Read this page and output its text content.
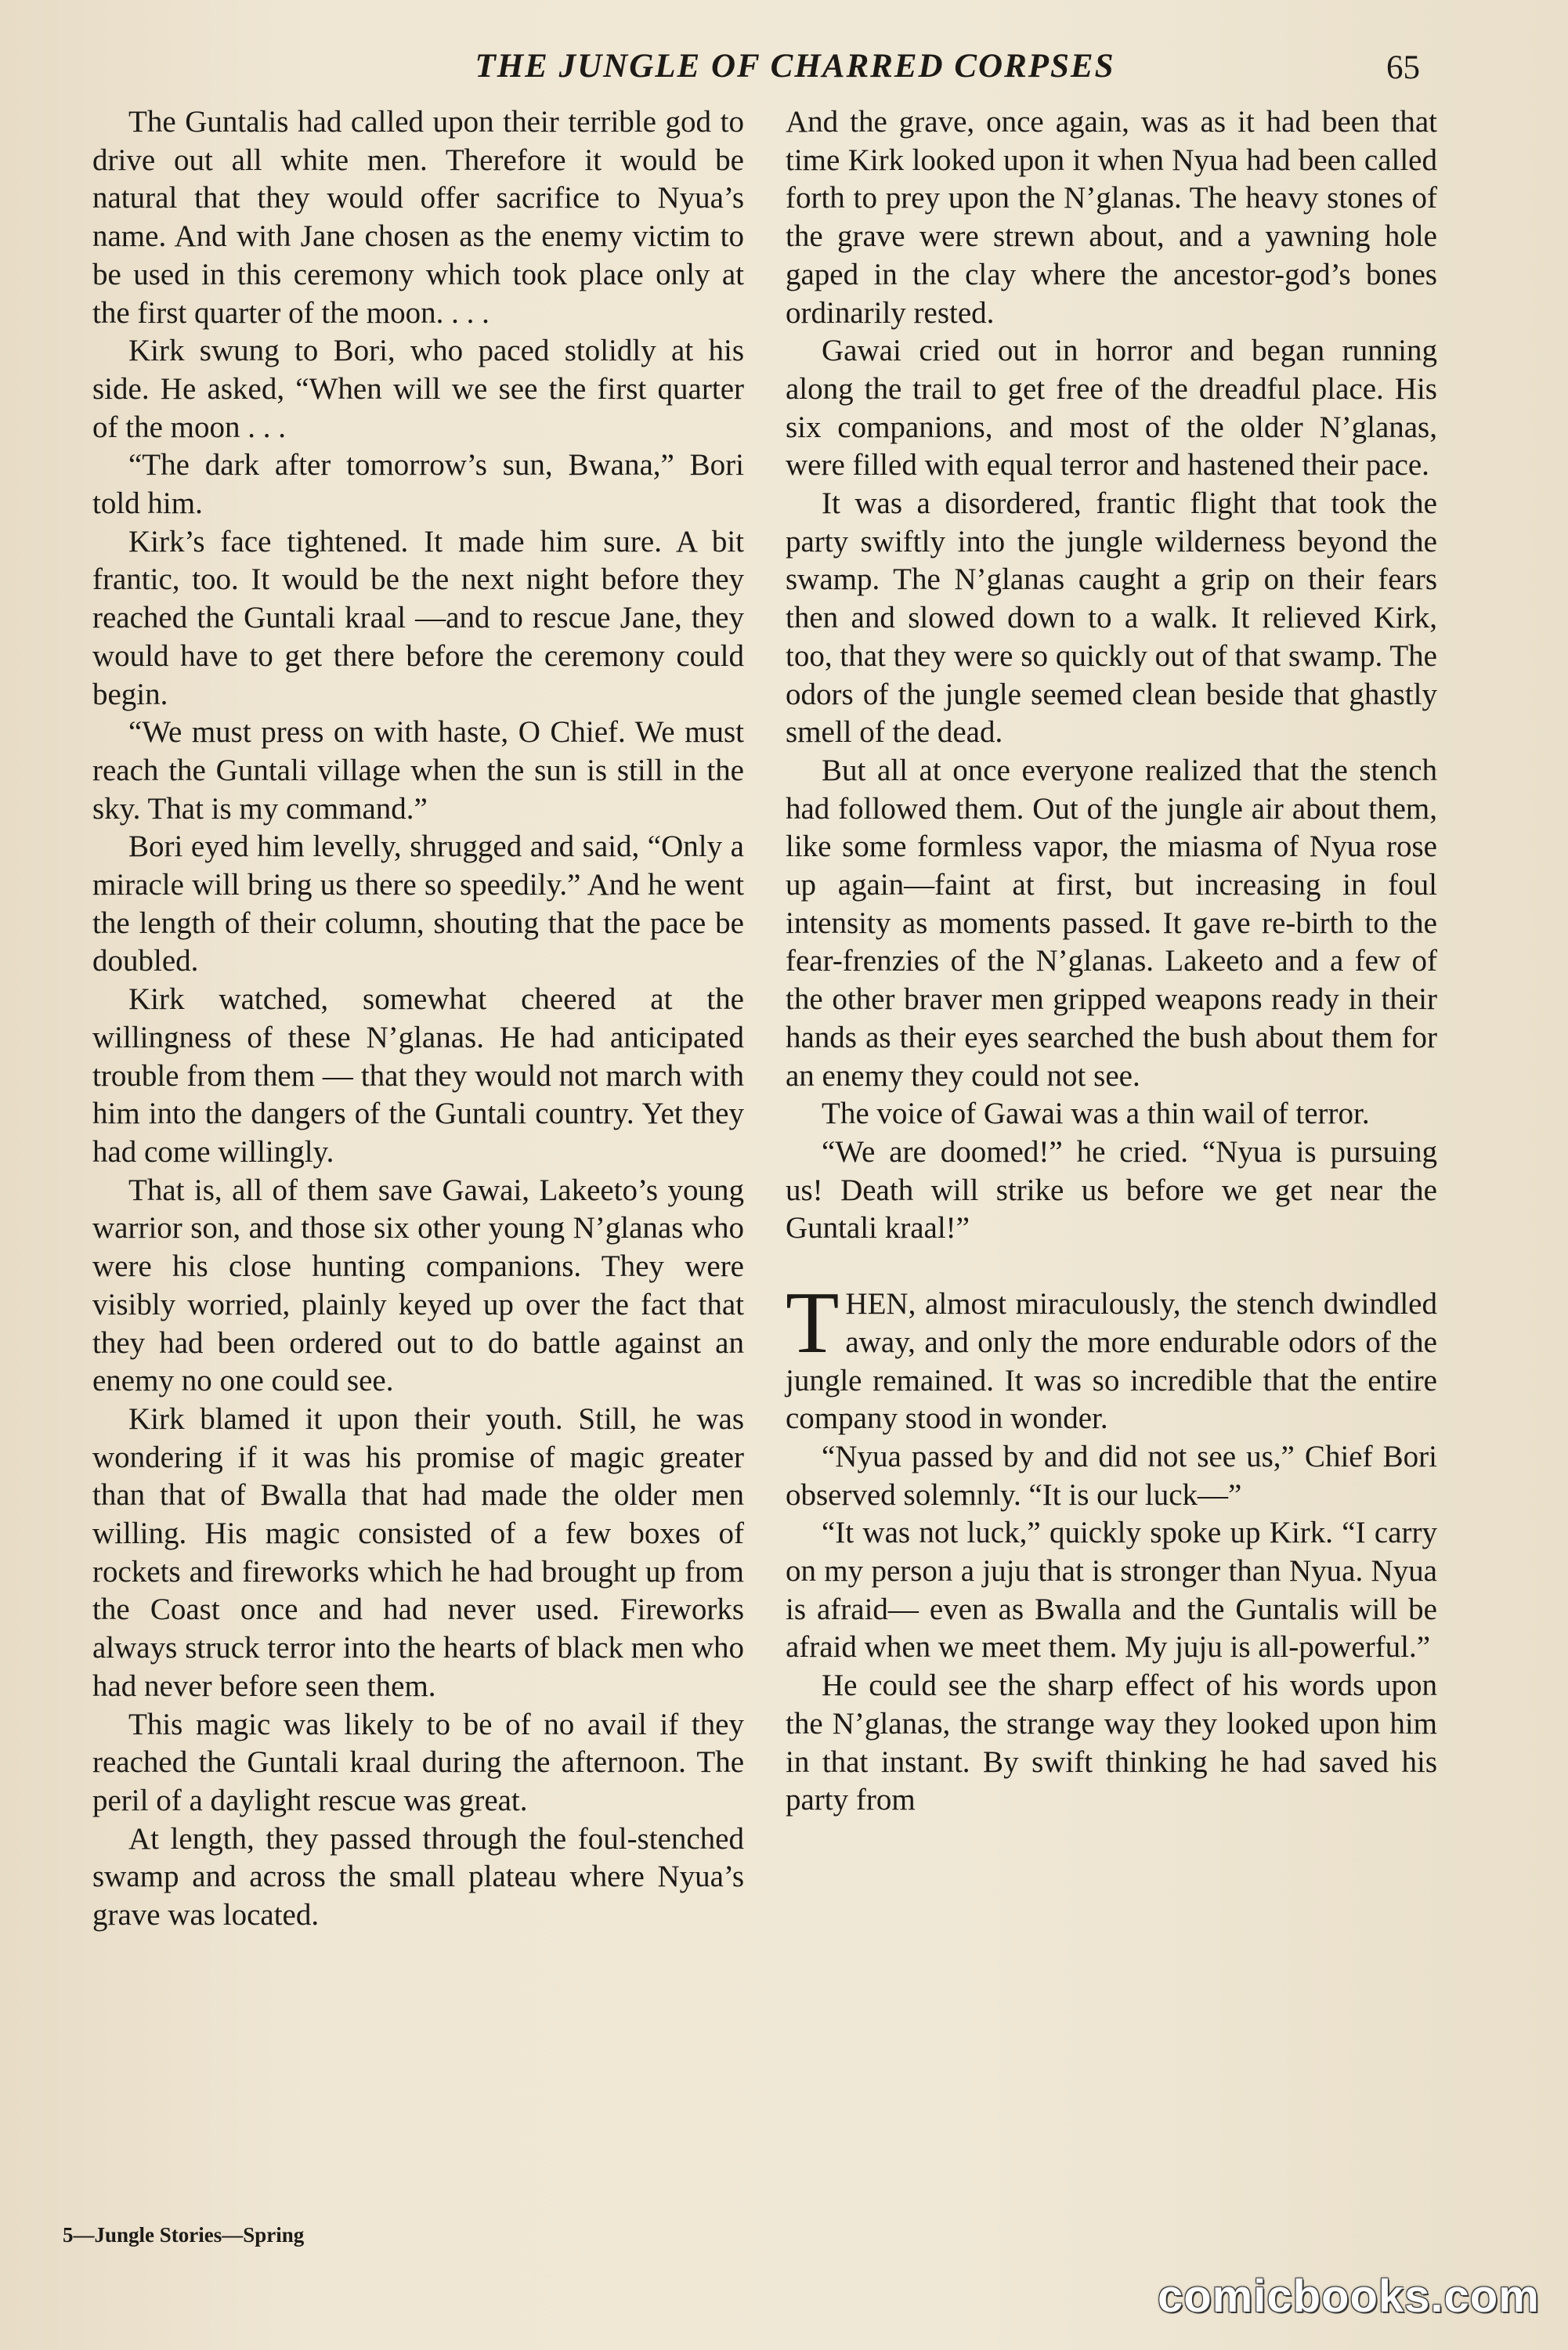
THE JUNGLE OF CHARRED CORPSES	65

The Guntalis had called upon their terrible god to drive out all white men. Therefore it would be natural that they would offer sacrifice to Nyua’s name. And with Jane chosen as the enemy victim to be used in this ceremony which took place only at the first quarter of the moon. . . .

Kirk swung to Bori, who paced stolidly at his side. He asked, “When will we see the first quarter of the moon . . .

“The dark after tomorrow’s sun, Bwana,” Bori told him.

Kirk’s face tightened. It made him sure. A bit frantic, too. It would be the next night before they reached the Guntali kraal —and to rescue Jane, they would have to get there before the ceremony could begin.

“We must press on with haste, O Chief. We must reach the Guntali village when the sun is still in the sky. That is my command.”

Bori eyed him levelly, shrugged and said, “Only a miracle will bring us there so speedily.” And he went the length of their column, shouting that the pace be doubled.

Kirk watched, somewhat cheered at the willingness of these N’glanas. He had anticipated trouble from them — that they would not march with him into the dangers of the Guntali country. Yet they had come willingly.

That is, all of them save Gawai, Lakeeto’s young warrior son, and those six other young N’glanas who were his close hunting companions. They were visibly worried, plainly keyed up over the fact that they had been ordered out to do battle against an enemy no one could see.

Kirk blamed it upon their youth. Still, he was wondering if it was his promise of magic greater than that of Bwalla that had made the older men willing. His magic consisted of a few boxes of rockets and fireworks which he had brought up from the Coast once and had never used. Fireworks always struck terror into the hearts of black men who had never before seen them.

This magic was likely to be of no avail if they reached the Guntali kraal during the afternoon. The peril of a daylight rescue was great.

At length, they passed through the foul-stenched swamp and across the small plateau where Nyua’s grave was located.

And the grave, once again, was as it had been that time Kirk looked upon it when Nyua had been called forth to prey upon the N’glanas. The heavy stones of the grave were strewn about, and a yawning hole gaped in the clay where the ancestor-god’s bones ordinarily rested.

Gawai cried out in horror and began running along the trail to get free of the dreadful place. His six companions, and most of the older N’glanas, were filled with equal terror and hastened their pace.

It was a disordered, frantic flight that took the party swiftly into the jungle wilderness beyond the swamp. The N’glanas caught a grip on their fears then and slowed down to a walk. It relieved Kirk, too, that they were so quickly out of that swamp. The odors of the jungle seemed clean beside that ghastly smell of the dead.

But all at once everyone realized that the stench had followed them. Out of the jungle air about them, like some formless vapor, the miasma of Nyua rose up again—faint at first, but increasing in foul intensity as moments passed. It gave re-birth to the fear-frenzies of the N’glanas. Lakeeto and a few of the other braver men gripped weapons ready in their hands as their eyes searched the bush about them for an enemy they could not see.

The voice of Gawai was a thin wail of terror.

“We are doomed!” he cried. “Nyua is pursuing us! Death will strike us before we get near the Guntali kraal!”

THEN, almost miraculously, the stench dwindled away, and only the more endurable odors of the jungle remained. It was so incredible that the entire company stood in wonder.

“Nyua passed by and did not see us,” Chief Bori observed solemnly. “It is our luck—”

“It was not luck,” quickly spoke up Kirk. “I carry on my person a juju that is stronger than Nyua. Nyua is afraid— even as Bwalla and the Guntalis will be afraid when we meet them. My juju is all-powerful.”

He could see the sharp effect of his words upon the N’glanas, the strange way they looked upon him in that instant. By swift thinking he had saved his party from

5—Jungle Stories—Spring
comicbooks.com
